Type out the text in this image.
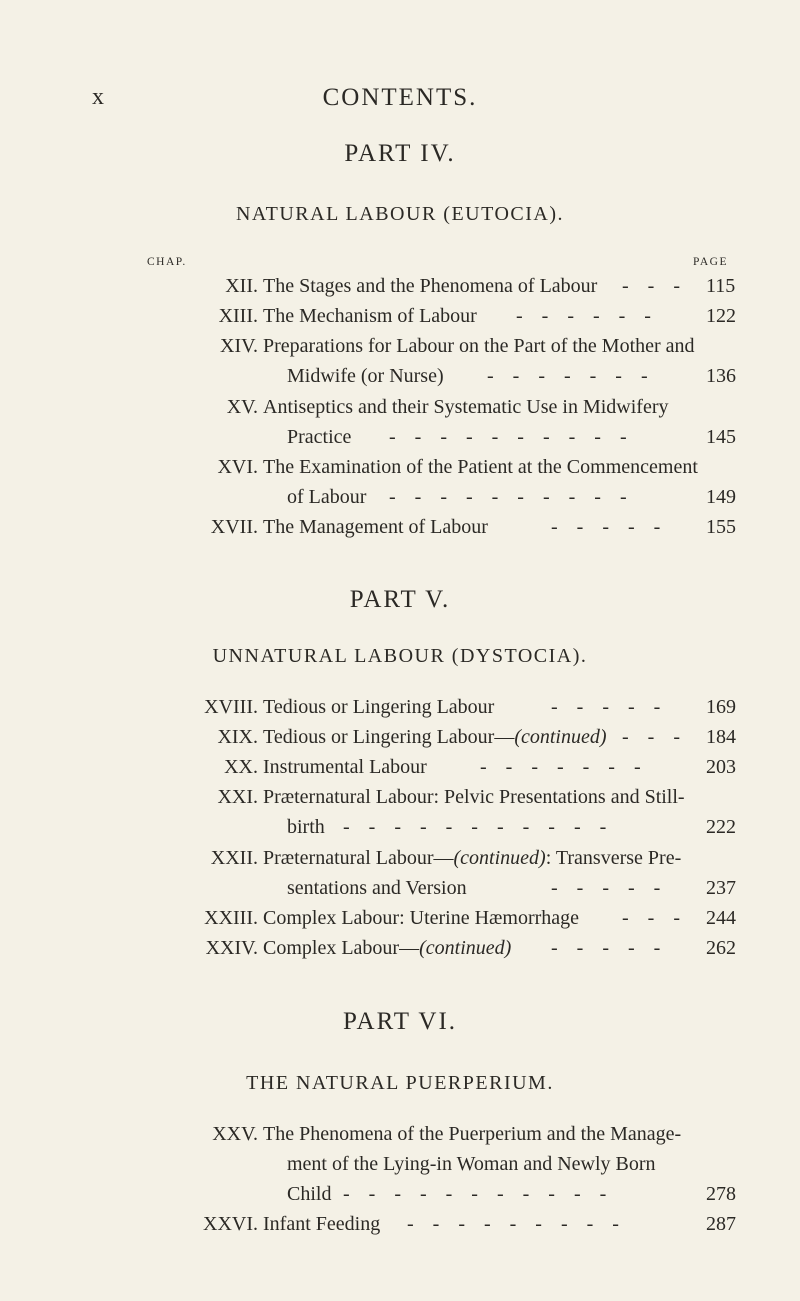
x	CONTENTS.
PART IV.
NATURAL LABOUR (EUTOCIA).
CHAP.	PAGE
XII. The Stages and the Phenomena of Labour -   -   - 115
XIII. The Mechanism of Labour -   -   -   -   -   -	122
XIV. Preparations for Labour on the Part of the Mother and
Midwife (or Nurse) -   -   -   -   -   -   -	136
XV. Antiseptics and their Systematic Use in Midwifery
Practice -   -   -   -   -   -   -   -   -   -	145
XVI. The Examination of the Patient at the Commencement
of Labour -   -   -   -   -   -   -   -   -   -	149
XVII. The Management of Labour	-   -   -   -   - 155
PART V.
UNNATURAL LABOUR (DYSTOCIA).
XVIII. Tedious or Lingering Labour	-   -   -   -   - 169
XIX. Tedious or Lingering Labour—(continued) -   -   - 184
XX. Instrumental Labour	-   -   -   -   -   -   -	203
XXI. Præternatural Labour: Pelvic Presentations and Still-
birth -   -   -   -   -   -   -   -   -   -   -	222
XXII. Præternatural Labour—(continued): Transverse Pre-
sentations and Version	-   -   -   -   - 237
XXIII. Complex Labour: Uterine Hæmorrhage -   -   - 244
XXIV. Complex Labour—(continued) -   -   -   -   - 262
PART VI.
THE NATURAL PUERPERIUM.
XXV. The Phenomena of the Puerperium and the Manage-
ment of the Lying-in Woman and Newly Born
Child -   -   -   -   -   -   -   -   -   -   -	278
XXVI. Infant Feeding -   -   -   -   -   -   -   -   -	287
